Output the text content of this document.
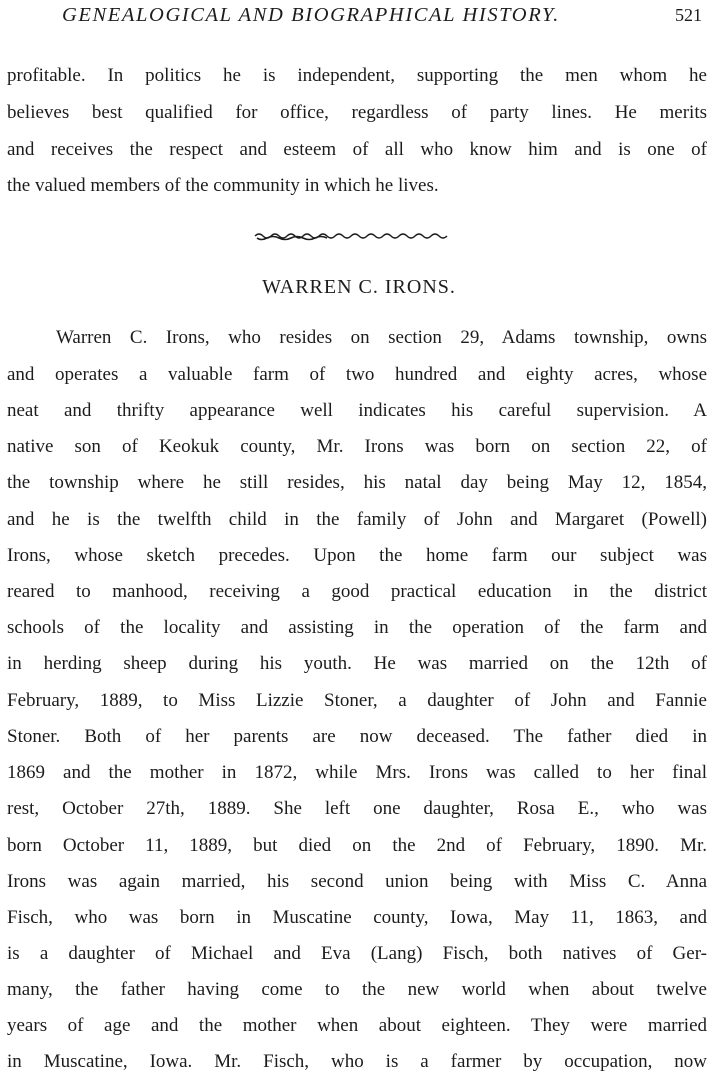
GENEALOGICAL AND BIOGRAPHICAL HISTORY.	521
profitable. In politics he is independent, supporting the men whom he
believes best qualified for office, regardless of party lines. He merits
and receives the respect and esteem of all who know him and is one of
the valued members of the community in which he lives.
WARREN C. IRONS.
Warren C. Irons, who resides on section 29, Adams township, owns
and operates a valuable farm of two hundred and eighty acres, whose
neat and thrifty appearance well indicates his careful supervision. A
native son of Keokuk county, Mr. Irons was born on section 22, of
the township where he still resides, his natal day being May 12, 1854,
and he is the twelfth child in the family of John and Margaret (Powell)
Irons, whose sketch precedes. Upon the home farm our subject was
reared to manhood, receiving a good practical education in the district
schools of the locality and assisting in the operation of the farm and
in herding sheep during his youth. He was married on the 12th of
February, 1889, to Miss Lizzie Stoner, a daughter of John and Fannie
Stoner. Both of her parents are now deceased. The father died in
1869 and the mother in 1872, while Mrs. Irons was called to her final
rest, October 27th, 1889. She left one daughter, Rosa E., who was
born October 11, 1889, but died on the 2nd of February, 1890. Mr.
Irons was again married, his second union being with Miss C. Anna
Fisch, who was born in Muscatine county, Iowa, May 11, 1863, and
is a daughter of Michael and Eva (Lang) Fisch, both natives of Ger-
many, the father having come to the new world when about twelve
years of age and the mother when about eighteen. They were married
in Muscatine, Iowa. Mr. Fisch, who is a farmer by occupation, now
